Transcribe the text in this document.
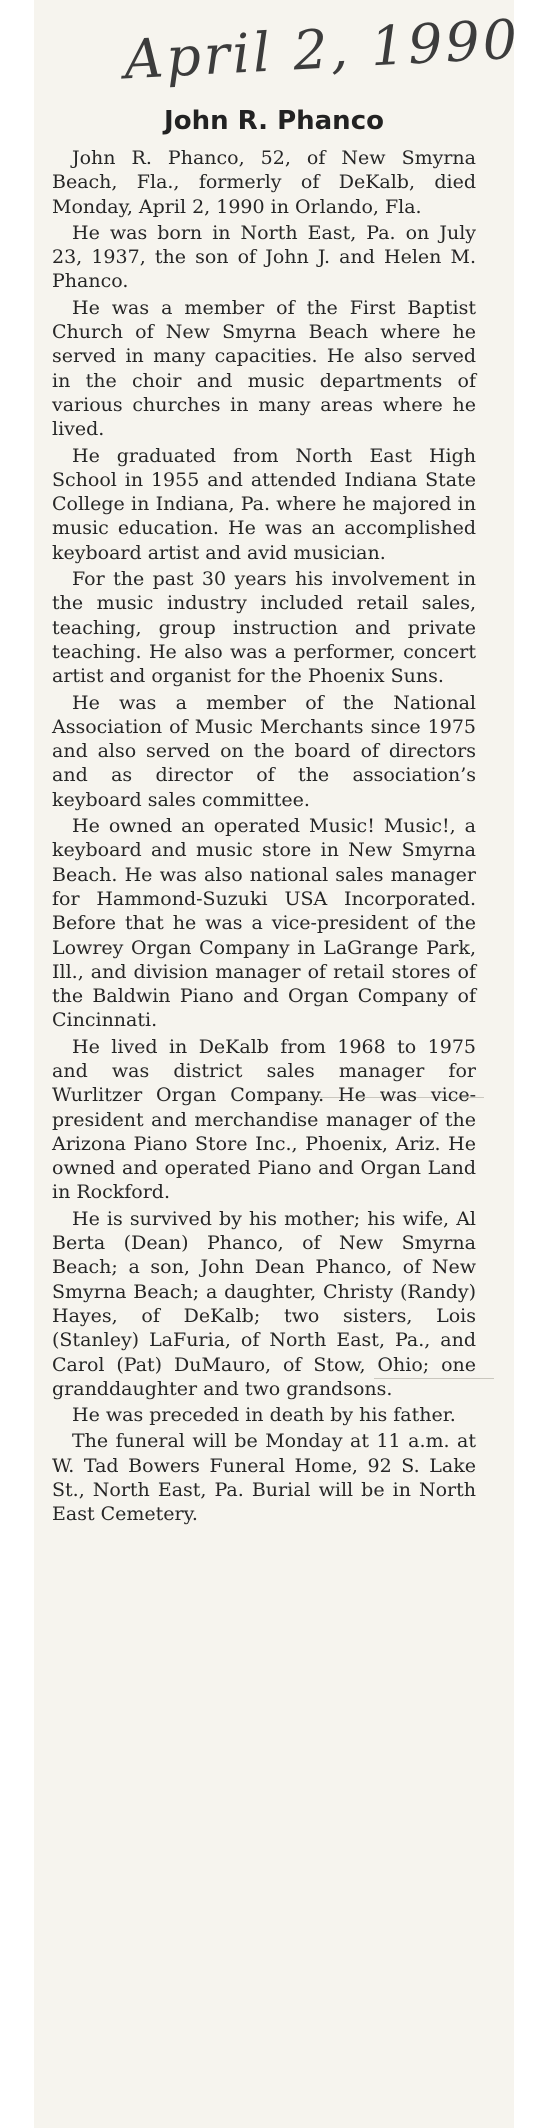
April 2, 1990
John R. Phanco

John R. Phanco, 52, of New Smyrna Beach, Fla., formerly of DeKalb, died Monday, April 2, 1990 in Orlando, Fla.

He was born in North East, Pa. on July 23, 1937, the son of John J. and Helen M. Phanco.

He was a member of the First Baptist Church of New Smyrna Beach where he served in many capacities. He also served in the choir and music departments of various churches in many areas where he lived.

He graduated from North East High School in 1955 and attended Indiana State College in Indiana, Pa. where he majored in music education. He was an accomplished keyboard artist and avid musician.

For the past 30 years his involvement in the music industry included retail sales, teaching, group instruction and private teaching. He also was a performer, concert artist and organist for the Phoenix Suns.

He was a member of the National Association of Music Merchants since 1975 and also served on the board of directors and as director of the association’s keyboard sales committee.

He owned an operated Music! Music!, a keyboard and music store in New Smyrna Beach. He was also national sales manager for Hammond-Suzuki USA Incorporated. Before that he was a vice-president of the Lowrey Organ Company in LaGrange Park, Ill., and division manager of retail stores of the Baldwin Piano and Organ Company of Cincinnati.

He lived in DeKalb from 1968 to 1975 and was district sales manager for Wurlitzer Organ Company. He was vice-president and merchandise manager of the Arizona Piano Store Inc., Phoenix, Ariz. He owned and operated Piano and Organ Land in Rockford.

He is survived by his mother; his wife, Al Berta (Dean) Phanco, of New Smyrna Beach; a son, John Dean Phanco, of New Smyrna Beach; a daughter, Christy (Randy) Hayes, of DeKalb; two sisters, Lois (Stanley) LaFuria, of North East, Pa., and Carol (Pat) DuMauro, of Stow, Ohio; one granddaughter and two grandsons.

He was preceded in death by his father.

The funeral will be Monday at 11 a.m. at W. Tad Bowers Funeral Home, 92 S. Lake St., North East, Pa. Burial will be in North East Cemetery.
